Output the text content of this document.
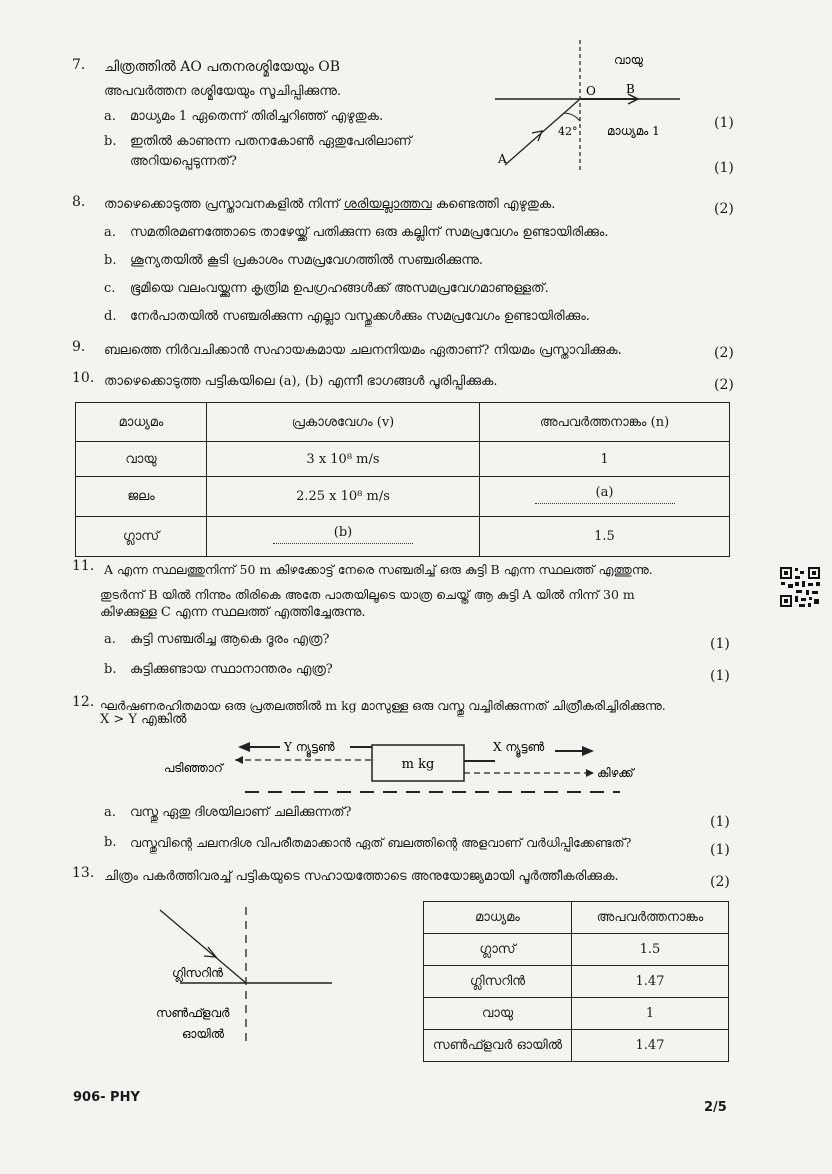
7. ചിത്രത്തിൽ AO പതനരശ്മിയേയും OB
അപവർത്തന രശ്മിയേയും സൂചിപ്പിക്കുന്നു.
a. മാധ്യമം 1 ഏതെന്ന് തിരിച്ചറിഞ്ഞ് എഴുതുക.
b. ഇതിൽ കാണുന്ന പതനകോൺ ഏതുപേരിലാണ്
അറിയപ്പെടുന്നത്?
(1)
(1)
വായു
O	B
42° മാധ്യമം 1
A
8. താഴെക്കൊടുത്ത പ്രസ്താവനകളിൽ നിന്ന് ശരിയല്ലാത്തവ കണ്ടെത്തി എഴുതുക.	(2)
a. സമതിരമണത്തോടെ താഴേയ്ക്ക് പതിക്കുന്ന ഒരു കല്ലിന് സമപ്രവേഗം ഉണ്ടായിരിക്കും.
b. ശൂന്യതയിൽ കൂടി പ്രകാശം സമപ്രവേഗത്തിൽ സഞ്ചരിക്കുന്നു.
c. ഭൂമിയെ വലംവയ്ക്കുന്ന കൃത്രിമ ഉപഗ്രഹങ്ങൾക്ക് അസമപ്രവേഗമാണുള്ളത്.
d. നേർപാതയിൽ സഞ്ചരിക്കുന്ന എല്ലാ വസ്തുക്കൾക്കും സമപ്രവേഗം ഉണ്ടായിരിക്കും.
9. ബലത്തെ നിർവചിക്കാൻ സഹായകമായ ചലനനിയമം ഏതാണ്? നിയമം പ്രസ്താവിക്കുക.	(2)
10. താഴെക്കൊടുത്ത പട്ടികയിലെ (a), (b) എന്നീ ഭാഗങ്ങൾ പൂരിപ്പിക്കുക.	(2)
മാധ്യമം	പ്രകാശവേഗം (v)	അപവർത്തനാങ്കം (n)
വായു	3 x 10⁸ m/s	1
ജലം	2.25 x 10⁸ m/s	(a)

ഗ്ലാസ്	(b)	1.5
11. A എന്ന സ്ഥലത്തുനിന്ന് 50 m കിഴക്കോട്ട് നേരെ സഞ്ചരിച്ച് ഒരു കുട്ടി B എന്ന സ്ഥലത്ത് എത്തുന്നു.
തുടർന്ന് B യിൽ നിന്നും തിരികെ അതേ പാതയിലൂടെ യാത്ര ചെയ്ത് ആ കുട്ടി A യിൽ നിന്ന് 30 m
കിഴക്കുള്ള C എന്ന സ്ഥലത്ത് എത്തിച്ചേരുന്നു.
a. കുട്ടി സഞ്ചരിച്ച ആകെ ദൂരം എത്ര?	(1)
b. കുട്ടിക്കുണ്ടായ സ്ഥാനാന്തരം എത്ര?	(1)
12. ഘർഷണരഹിതമായ ഒരു പ്രതലത്തിൽ m kg മാസുള്ള ഒരു വസ്തു വച്ചിരിക്കുന്നത് ചിത്രീകരിച്ചിരിക്കുന്നു.
X > Y എങ്കിൽ
Y ന്യൂട്ടൺ
m kg
X ന്യൂട്ടൺ
പടിഞ്ഞാറ്	കിഴക്ക്
a. വസ്തു ഏതു ദിശയിലാണ് ചലിക്കുന്നത്?
(1)
b. വസ്തുവിന്റെ ചലനദിശ വിപരീതമാക്കാൻ ഏത് ബലത്തിന്റെ അളവാണ് വർധിപ്പിക്കേണ്ടത്?	(1)
13. ചിത്രം പകർത്തിവരച്ച് പട്ടികയുടെ സഹായത്തോടെ അനുയോജ്യമായി പൂർത്തീകരിക്കുക.	(2)
ഗ്ലിസറിൻ
സൺഫ്ളവർ
ഓയിൽ
മാധ്യമം	അപവർത്തനാങ്കം
ഗ്ലാസ്	1.5
ഗ്ലിസറിൻ	1.47
വായു	1
സൺഫ്ളവർ ഓയിൽ	1.47
906- PHY
2/5
